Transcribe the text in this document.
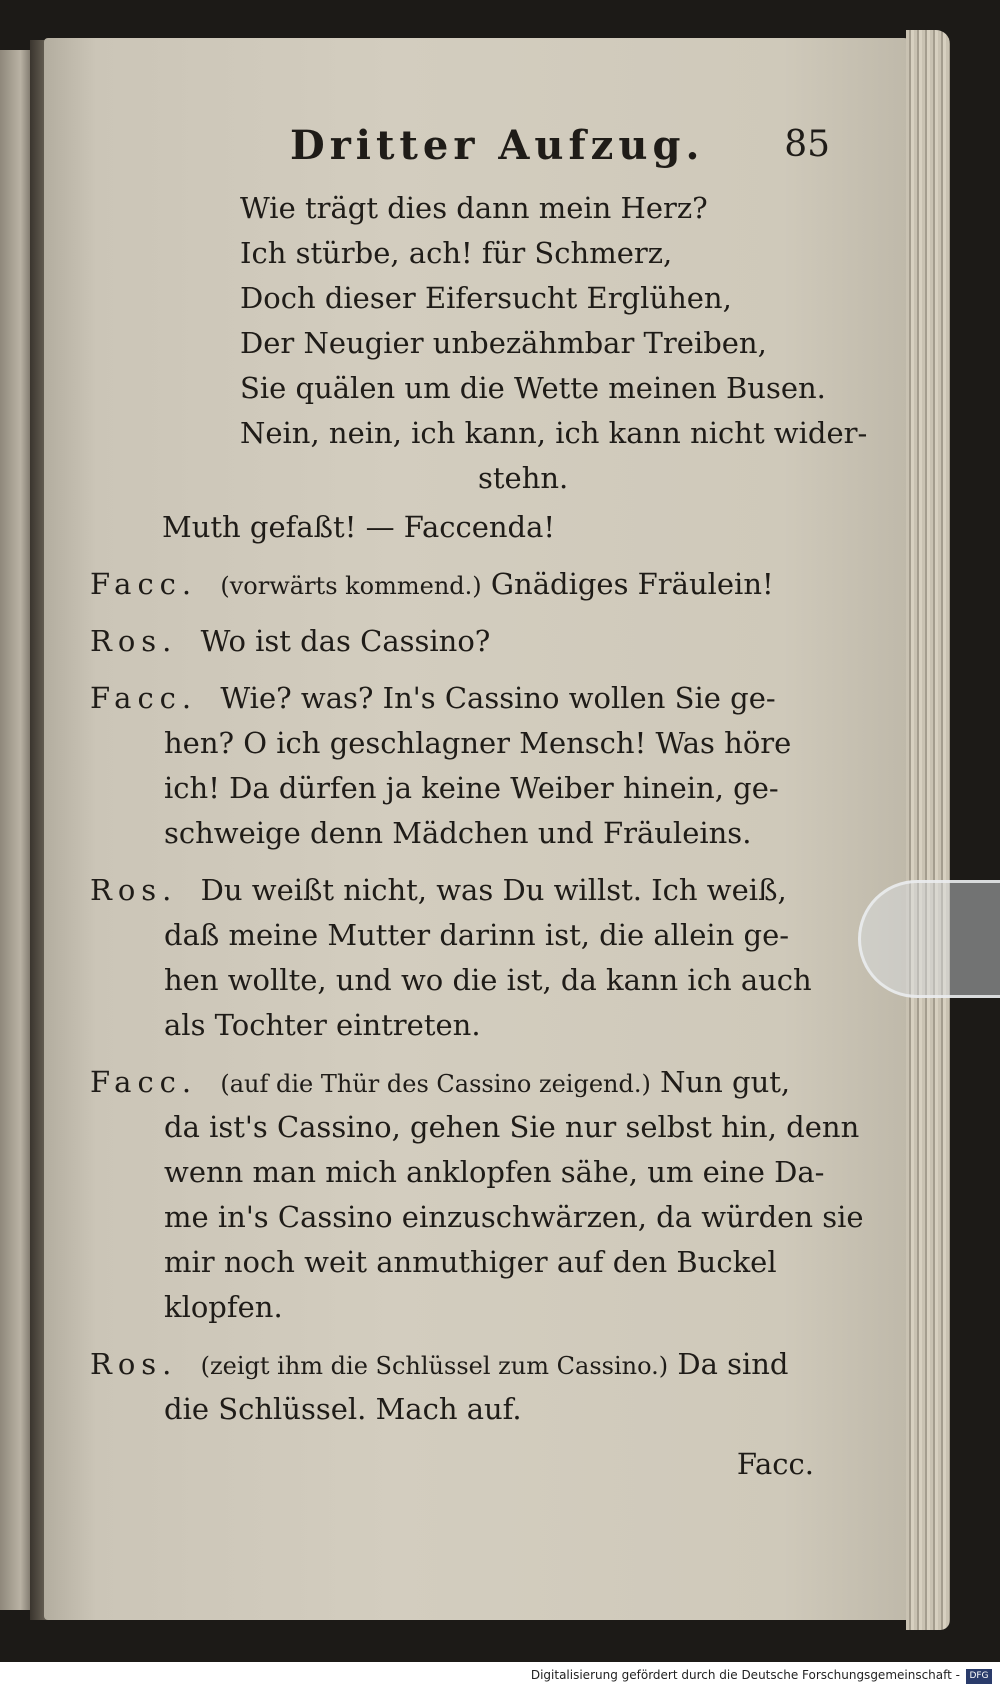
Dritter Aufzug. 85
Wie trägt dies dann mein Herz?
Ich stürbe, ach! für Schmerz,
Doch dieser Eifersucht Erglühen,
Der Neugier unbezähmbar Treiben,
Sie quälen um die Wette meinen Busen.
Nein, nein, ich kann, ich kann nicht wider-
stehn.
Muth gefaßt! — Faccenda!
Facc. (vorwärts kommend.) Gnädiges Fräulein!
Ros. Wo ist das Cassino?
Facc. Wie? was? In's Cassino wollen Sie ge-
hen? O ich geschlagner Mensch! Was höre
ich! Da dürfen ja keine Weiber hinein, ge-
schweige denn Mädchen und Fräuleins.
Ros. Du weißt nicht, was Du willst. Ich weiß,
daß meine Mutter darinn ist, die allein ge-
hen wollte, und wo die ist, da kann ich auch
als Tochter eintreten.
Facc. (auf die Thür des Cassino zeigend.) Nun gut,
da ist's Cassino, gehen Sie nur selbst hin, denn
wenn man mich anklopfen sähe, um eine Da-
me in's Cassino einzuschwärzen, da würden sie
mir noch weit anmuthiger auf den Buckel
klopfen.
Ros. (zeigt ihm die Schlüssel zum Cassino.) Da sind
die Schlüssel. Mach auf.
Facc.
Digitalisierung gefördert durch die Deutsche Forschungsgemeinschaft -	DFG
